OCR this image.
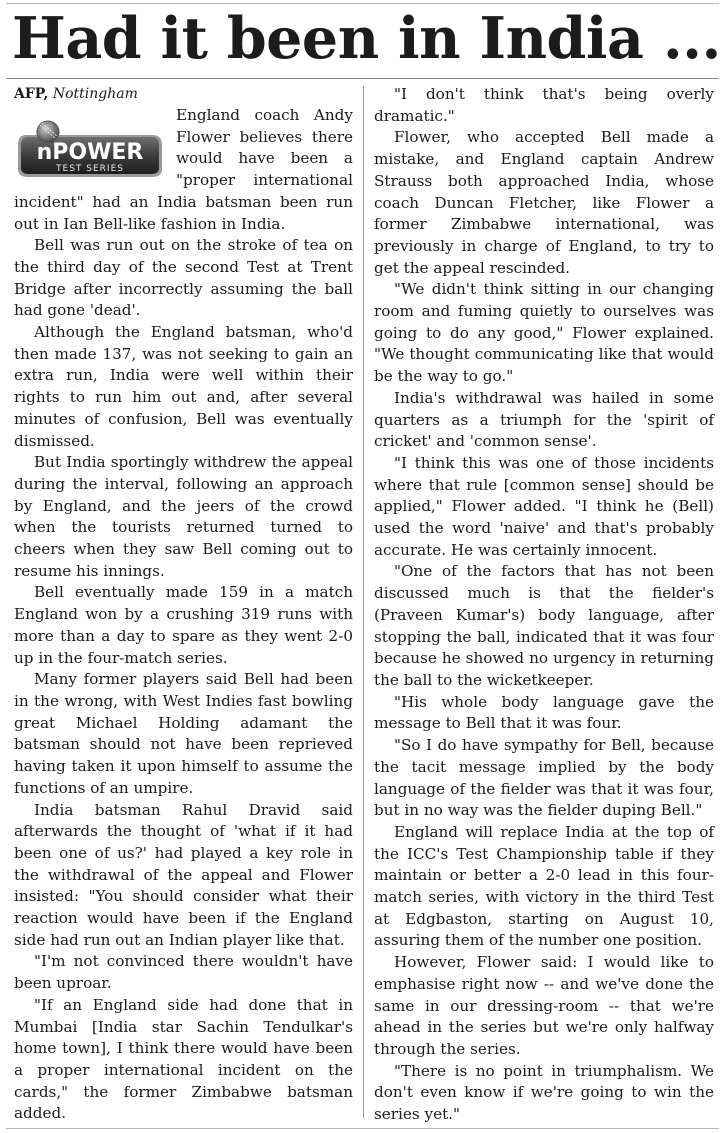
Had it been in India ...

AFP, Nottingham

nPOWER
TEST SERIES

England coach Andy Flower believes there would have been a "proper international incident" had an India batsman been run out in Ian Bell-like fashion in India.

Bell was run out on the stroke of tea on the third day of the second Test at Trent Bridge after incorrectly assuming the ball had gone 'dead'.

Although the England batsman, who'd then made 137, was not seeking to gain an extra run, India were well within their rights to run him out and, after several minutes of confusion, Bell was eventually dismissed.

But India sportingly withdrew the appeal during the interval, following an approach by England, and the jeers of the crowd when the tourists returned turned to cheers when they saw Bell coming out to resume his innings.

Bell eventually made 159 in a match England won by a crushing 319 runs with more than a day to spare as they went 2-0 up in the four-match series.

Many former players said Bell had been in the wrong, with West Indies fast bowling great Michael Holding adamant the batsman should not have been reprieved having taken it upon himself to assume the functions of an umpire.

India batsman Rahul Dravid said afterwards the thought of 'what if it had been one of us?' had played a key role in the withdrawal of the appeal and Flower insisted: "You should consider what their reaction would have been if the England side had run out an Indian player like that.

"I'm not convinced there wouldn't have been uproar.

"If an England side had done that in Mumbai [India star Sachin Tendulkar's home town], I think there would have been a proper international incident on the cards," the former Zimbabwe batsman added.

"I don't think that's being overly dramatic."

Flower, who accepted Bell made a mistake, and England captain Andrew Strauss both approached India, whose coach Duncan Fletcher, like Flower a former Zimbabwe international, was previously in charge of England, to try to get the appeal rescinded.

"We didn't think sitting in our changing room and fuming quietly to ourselves was going to do any good," Flower explained. "We thought communicating like that would be the way to go."

India's withdrawal was hailed in some quarters as a triumph for the 'spirit of cricket' and 'common sense'.

"I think this was one of those incidents where that rule [common sense] should be applied," Flower added. "I think he (Bell) used the word 'naive' and that's probably accurate. He was certainly innocent.

"One of the factors that has not been discussed much is that the fielder's (Praveen Kumar's) body language, after stopping the ball, indicated that it was four because he showed no urgency in returning the ball to the wicketkeeper.

"His whole body language gave the message to Bell that it was four.

"So I do have sympathy for Bell, because the tacit message implied by the body language of the fielder was that it was four, but in no way was the fielder duping Bell."

England will replace India at the top of the ICC's Test Championship table if they maintain or better a 2-0 lead in this four-match series, with victory in the third Test at Edgbaston, starting on August 10, assuring them of the number one position.

However, Flower said: I would like to emphasise right now -- and we've done the same in our dressing-room -- that we're ahead in the series but we're only halfway through the series.

"There is no point in triumphalism. We don't even know if we're going to win the series yet."
